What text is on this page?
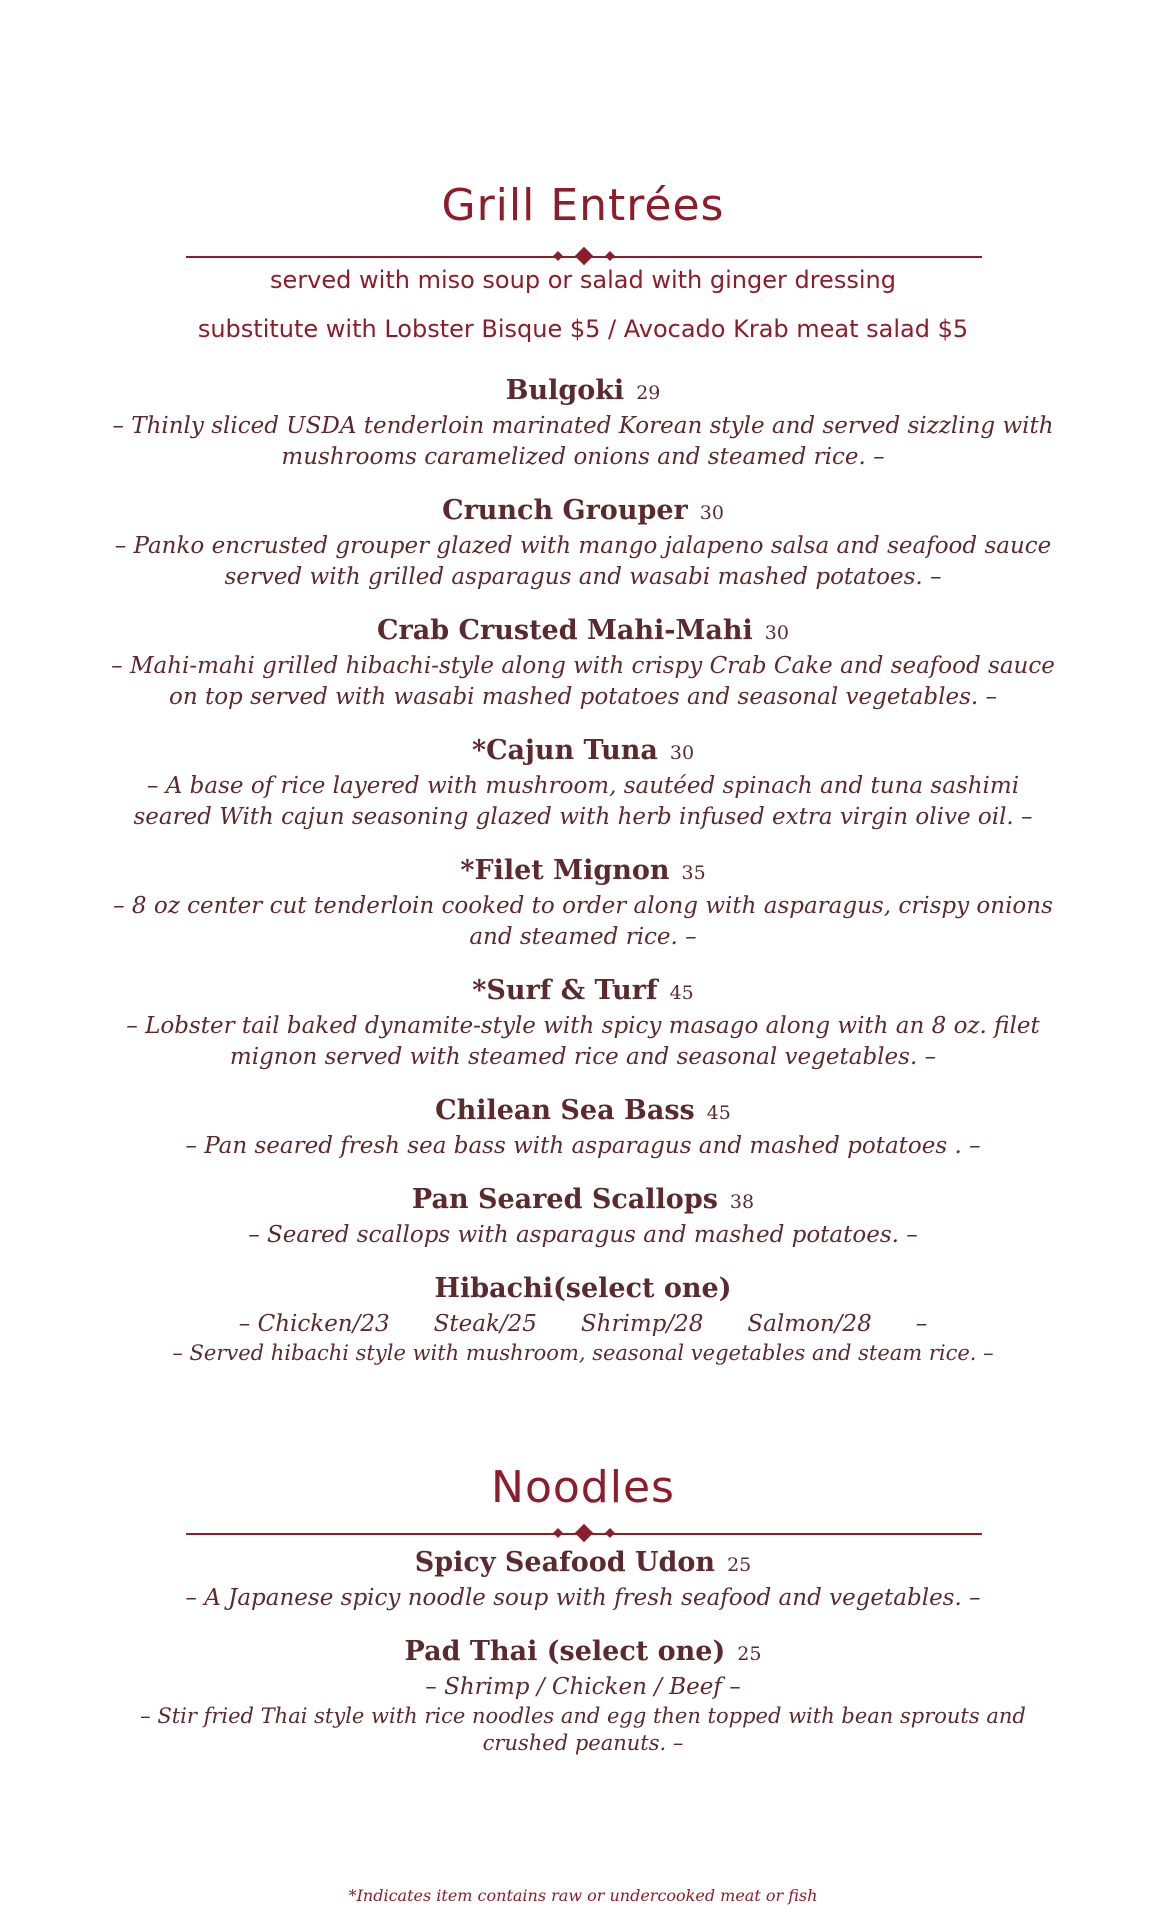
Grill Entrées
served with miso soup or salad with ginger dressing
substitute with Lobster Bisque $5 / Avocado Krab meat salad $5
Bulgoki 29
– Thinly sliced USDA tenderloin marinated Korean style and served sizzling with mushrooms caramelized onions and steamed rice. –
Crunch Grouper 30
– Panko encrusted grouper glazed with mango jalapeno salsa and seafood sauce served with grilled asparagus and wasabi mashed potatoes. –
Crab Crusted Mahi-Mahi 30
– Mahi-mahi grilled hibachi-style along with crispy Crab Cake and seafood sauce on top served with wasabi mashed potatoes and seasonal vegetables. –
*Cajun Tuna 30
– A base of rice layered with mushroom, sautéed spinach and tuna sashimi seared With cajun seasoning glazed with herb infused extra virgin olive oil. –
*Filet Mignon 35
– 8 oz center cut tenderloin cooked to order along with asparagus, crispy onions and steamed rice. –
*Surf & Turf 45
– Lobster tail baked dynamite-style with spicy masago along with an 8 oz. filet mignon served with steamed rice and seasonal vegetables. –
Chilean Sea Bass 45
– Pan seared fresh sea bass with asparagus and mashed potatoes . –
Pan Seared Scallops 38
– Seared scallops with asparagus and mashed potatoes. –
Hibachi(select one)
– Chicken/23 Steak/25 Shrimp/28 Salmon/28 –
– Served hibachi style with mushroom, seasonal vegetables and steam rice. –
Noodles
Spicy Seafood Udon 25
– A Japanese spicy noodle soup with fresh seafood and vegetables. –
Pad Thai (select one) 25
– Shrimp / Chicken / Beef –
– Stir fried Thai style with rice noodles and egg then topped with bean sprouts and crushed peanuts. –
*Indicates item contains raw or undercooked meat or fish
